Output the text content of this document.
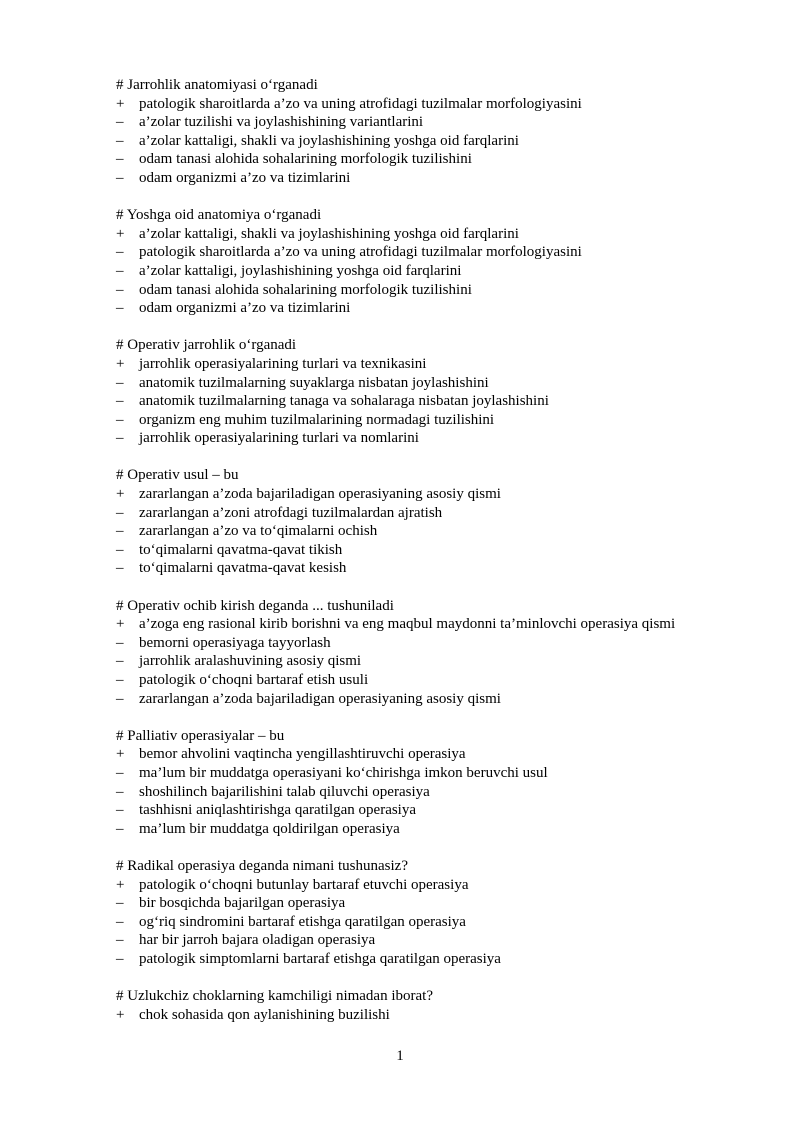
# Jarrohlik anatomiyasi o‘rganadi
+ patologik sharoitlarda a’zo va uning atrofidagi tuzilmalar morfologiyasini
–	a’zolar tuzilishi va joylashishining variantlarini
–	a’zolar kattaligi, shakli va joylashishining yoshga oid farqlarini
–	odam tanasi alohida sohalarining morfologik tuzilishini
–	odam organizmi a’zo va tizimlarini
# Yoshga oid anatomiya o‘rganadi
+ a’zolar kattaligi, shakli va joylashishining yoshga oid farqlarini
–	patologik sharoitlarda a’zo va uning atrofidagi tuzilmalar morfologiyasini
–	a’zolar kattaligi, joylashishining yoshga oid farqlarini
–	odam tanasi alohida sohalarining morfologik tuzilishini
–	odam organizmi a’zo va tizimlarini
# Operativ jarrohlik o‘rganadi
+ jarrohlik operasiyalarining turlari va texnikasini
–	anatomik tuzilmalarning suyaklarga nisbatan joylashishini
–	anatomik tuzilmalarning tanaga va sohalaraga nisbatan joylashishini
–	organizm eng muhim tuzilmalarining normadagi tuzilishini
–	jarrohlik operasiyalarining turlari va nomlarini
# Operativ usul – bu
+ zararlangan a’zoda bajariladigan operasiyaning asosiy qismi
–	zararlangan a’zoni atrofdagi tuzilmalardan ajratish
–	zararlangan a’zo va to‘qimalarni ochish
–	to‘qimalarni qavatma-qavat tikish
–	to‘qimalarni qavatma-qavat kesish
# Operativ ochib kirish deganda ... tushuniladi
+ a’zoga eng rasional kirib borishni va eng maqbul maydonni ta’minlovchi operasiya qismi
–	bemorni operasiyaga tayyorlash
–	jarrohlik aralashuvining asosiy qismi
–	patologik o‘choqni bartaraf etish usuli
–	zararlangan a’zoda bajariladigan operasiyaning asosiy qismi
# Palliativ operasiyalar – bu
+ bemor ahvolini vaqtincha yengillashtiruvchi operasiya
–	ma’lum bir muddatga operasiyani ko‘chirishga imkon beruvchi usul
–	shoshilinch bajarilishini talab qiluvchi operasiya
–	tashhisni aniqlashtirishga qaratilgan operasiya
–	ma’lum bir muddatga qoldirilgan operasiya
# Radikal operasiya deganda nimani tushunasiz?
+ patologik o‘choqni butunlay bartaraf etuvchi operasiya
–	bir bosqichda bajarilgan operasiya
–	og‘riq sindromini bartaraf etishga qaratilgan operasiya
–	har bir jarroh bajara oladigan operasiya
–	patologik simptomlarni bartaraf etishga qaratilgan operasiya
# Uzlukchiz choklarning kamchiligi nimadan iborat?
+ chok sohasida qon aylanishining buzilishi
1
